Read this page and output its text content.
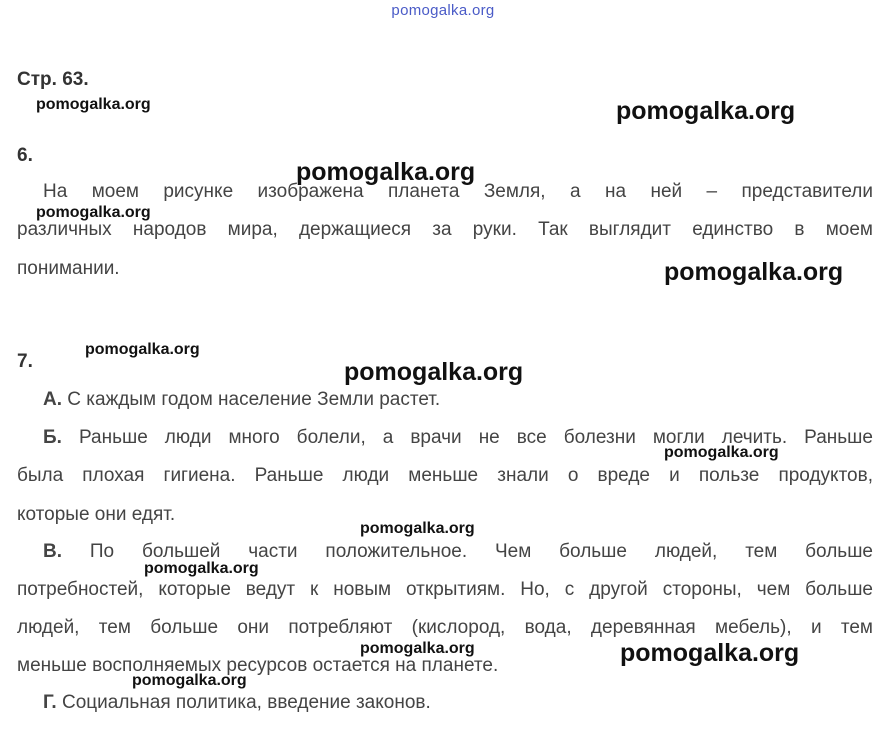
pomogalka.org
Стр. 63.
6.
На моем рисунке изображена планета Земля, а на ней – представители
различных народов мира, держащиеся за руки. Так выглядит единство в моем
понимании.
7.
А. С каждым годом население Земли растет.
Б. Раньше люди много болели, а врачи не все болезни могли лечить. Раньше
была плохая гигиена. Раньше люди меньше знали о вреде и пользе продуктов,
которые они едят.
В. По большей части положительное. Чем больше людей, тем больше
потребностей, которые ведут к новым открытиям. Но, с другой стороны, чем больше
людей, тем больше они потребляют (кислород, вода, деревянная мебель), и тем
меньше восполняемых ресурсов остается на планете.
Г. Социальная политика, введение законов.
pomogalka.org	pomogalka.org
pomogalka.org
pomogalka.org
pomogalka.org
pomogalka.org
pomogalka.org
pomogalka.org
pomogalka.org
pomogalka.org
pomogalka.org	pomogalka.org
pomogalka.org
